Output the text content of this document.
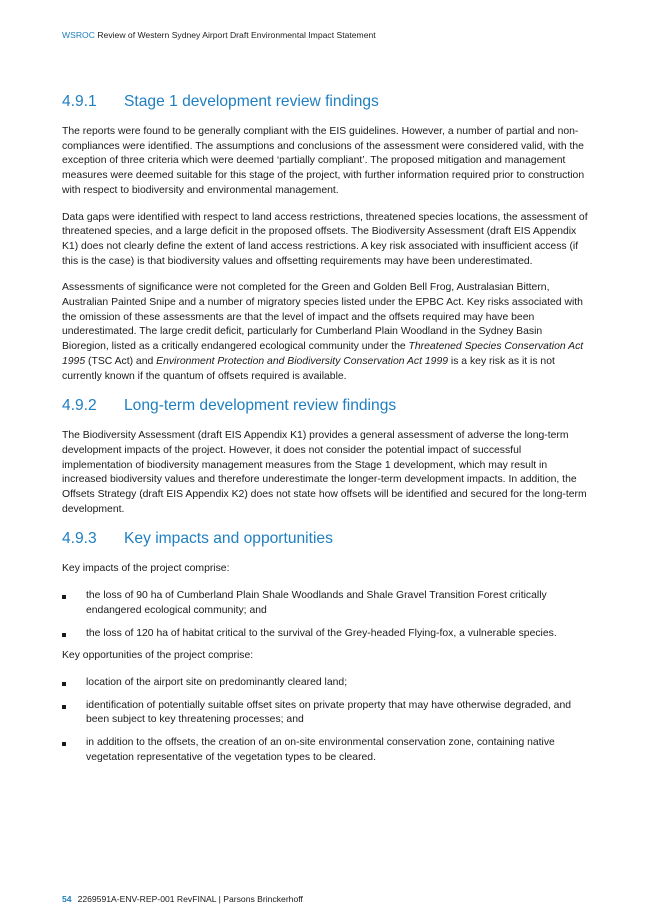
WSROC Review of Western Sydney Airport Draft Environmental Impact Statement
4.9.1 Stage 1 development review findings

The reports were found to be generally compliant with the EIS guidelines. However, a number of partial and non-compliances were identified. The assumptions and conclusions of the assessment were considered valid, with the exception of three criteria which were deemed ‘partially compliant’. The proposed mitigation and management measures were deemed suitable for this stage of the project, with further information required prior to construction with respect to biodiversity and environmental management.

Data gaps were identified with respect to land access restrictions, threatened species locations, the assessment of threatened species, and a large deficit in the proposed offsets. The Biodiversity Assessment (draft EIS Appendix K1) does not clearly define the extent of land access restrictions. A key risk associated with insufficient access (if this is the case) is that biodiversity values and offsetting requirements may have been underestimated.

Assessments of significance were not completed for the Green and Golden Bell Frog, Australasian Bittern, Australian Painted Snipe and a number of migratory species listed under the EPBC Act. Key risks associated with the omission of these assessments are that the level of impact and the offsets required may have been underestimated. The large credit deficit, particularly for Cumberland Plain Woodland in the Sydney Basin Bioregion, listed as a critically endangered ecological community under the Threatened Species Conservation Act 1995 (TSC Act) and Environment Protection and Biodiversity Conservation Act 1999 is a key risk as it is not currently known if the quantum of offsets required is available.

4.9.2 Long-term development review findings

The Biodiversity Assessment (draft EIS Appendix K1) provides a general assessment of adverse the long-term development impacts of the project. However, it does not consider the potential impact of successful implementation of biodiversity management measures from the Stage 1 development, which may result in increased biodiversity values and therefore underestimate the longer-term development impacts. In addition, the Offsets Strategy (draft EIS Appendix K2) does not state how offsets will be identified and secured for the long-term development.

4.9.3 Key impacts and opportunities

Key impacts of the project comprise:

the loss of 90 ha of Cumberland Plain Shale Woodlands and Shale Gravel Transition Forest critically endangered ecological community; and
the loss of 120 ha of habitat critical to the survival of the Grey-headed Flying-fox, a vulnerable species.

Key opportunities of the project comprise:

location of the airport site on predominantly cleared land;
identification of potentially suitable offset sites on private property that may have otherwise degraded, and been subject to key threatening processes; and
in addition to the offsets, the creation of an on-site environmental conservation zone, containing native vegetation representative of the vegetation types to be cleared.
54 2269591A-ENV-REP-001 RevFINAL | Parsons Brinckerhoff
